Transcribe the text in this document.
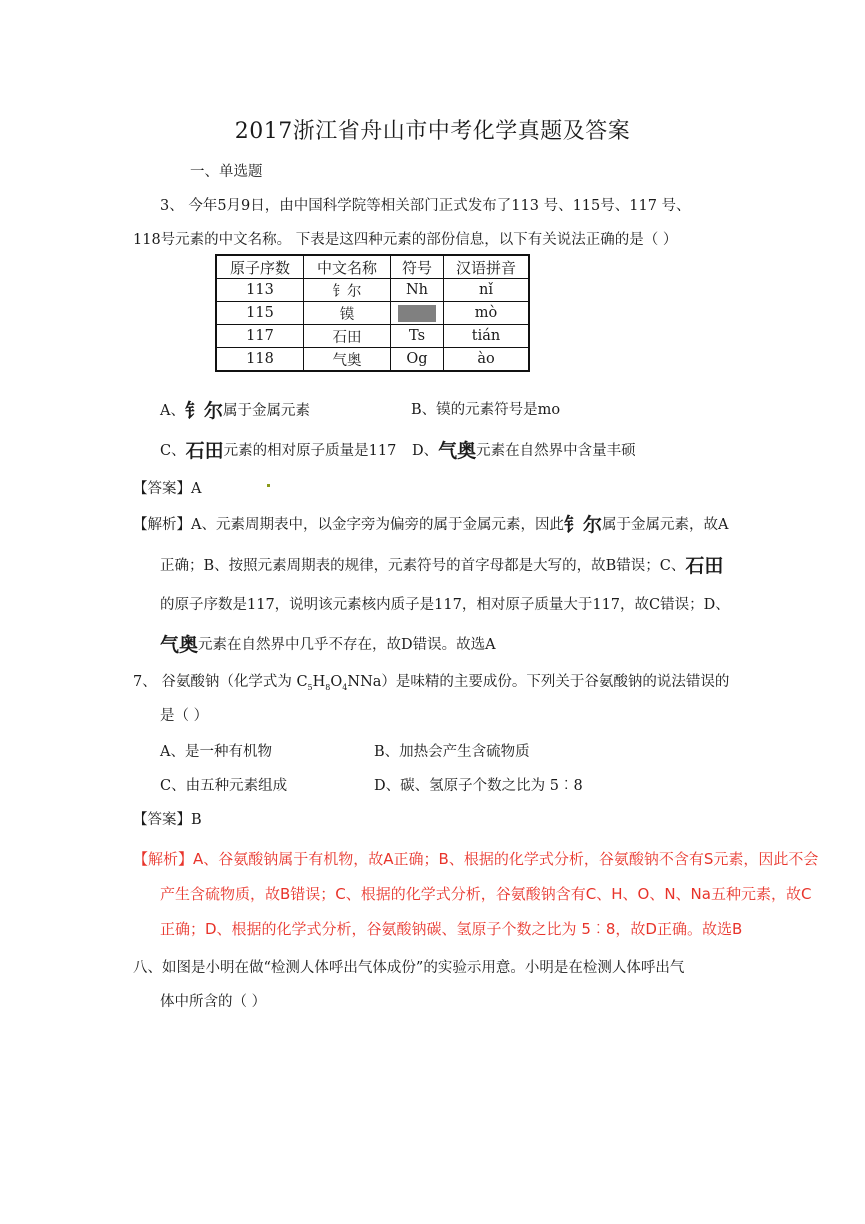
2017浙江省舟山市中考化学真题及答案
一、单选题
3、 今年5月9日，由中国科学院等相关部门正式发布了113 号、115号、117 号、
118号元素的中文名称。 下表是这四种元素的部份信息，以下有关说法正确的是（ ）
原子序数	中文名称	符号	汉语拼音
113	钅尔	Nh	nǐ
115	镆		mò
117	石田	Ts	tián
118	气奥	Og	ào
A、钅尔属于金属元素	B、镆的元素符号是mo
C、石田元素的相对原子质量是117 D、气奥元素在自然界中含量丰硕
【答案】A
【解析】A、元素周期表中，以金字旁为偏旁的属于金属元素，因此钅尔属于金属元素，故A
正确；B、按照元素周期表的规律，元素符号的首字母都是大写的，故B错误；C、石田
的原子序数是117，说明该元素核内质子是117，相对原子质量大于117，故C错误；D、
气奥元素在自然界中几乎不存在，故D错误。故选A
7、 谷氨酸钠（化学式为 $C_5H_8O_4NNa$）是味精的主要成份。下列关于谷氨酸钠的说法错误的
是（ ）
A、是一种有机物	B、加热会产生含硫物质
C、由五种元素组成	D、碳、氢原子个数之比为 5︰8
【答案】B
【解析】A、谷氨酸钠属于有机物，故A正确；B、根据的化学式分析，谷氨酸钠不含有S元素，因此不会
产生含硫物质，故B错误；C、根据的化学式分析，谷氨酸钠含有C、H、O、N、Na五种元素，故C
正确；D、根据的化学式分析，谷氨酸钠碳、氢原子个数之比为 5︰8，故D正确。故选B
八、如图是小明在做“检测人体呼出气体成份”的实验示用意。小明是在检测人体呼出气
体中所含的（ ）
